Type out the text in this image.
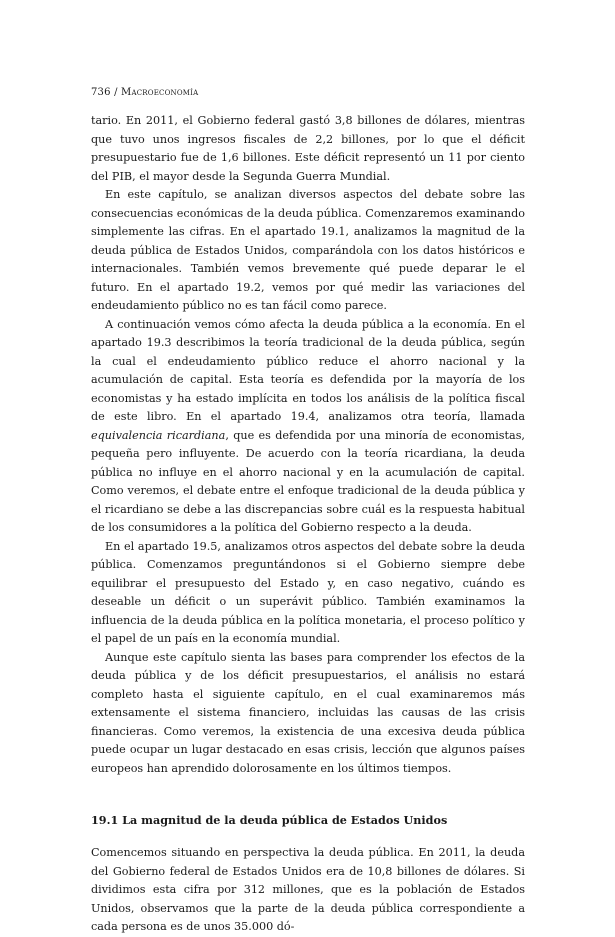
736 / Macroeconomía

tario. En 2011, el Gobierno federal gastó 3,8 billones de dólares, mientras que tuvo unos ingresos fiscales de 2,2 billones, por lo que el déficit presupuestario fue de 1,6 billones. Este déficit representó un 11 por ciento del PIB, el mayor desde la Segunda Guerra Mundial.

En este capítulo, se analizan diversos aspectos del debate sobre las consecuencias económicas de la deuda pública. Comenzaremos examinando simplemente las cifras. En el apartado 19.1, analizamos la magnitud de la deuda pública de Estados Unidos, comparándola con los datos históricos e internacionales. También vemos brevemente qué puede deparar le el futuro. En el apartado 19.2, vemos por qué medir las variaciones del endeudamiento público no es tan fácil como parece.

A continuación vemos cómo afecta la deuda pública a la economía. En el apartado 19.3 describimos la teoría tradicional de la deuda pública, según la cual el endeudamiento público reduce el ahorro nacional y la acumulación de capital. Esta teoría es defendida por la mayoría de los economistas y ha estado implícita en todos los análisis de la política fiscal de este libro. En el apartado 19.4, analizamos otra teoría, llamada equivalencia ricardiana, que es defendida por una minoría de economistas, pequeña pero influyente. De acuerdo con la teoría ricardiana, la deuda pública no influye en el ahorro nacional y en la acumulación de capital. Como veremos, el debate entre el enfoque tradicional de la deuda pública y el ricardiano se debe a las discrepancias sobre cuál es la respuesta habitual de los consumidores a la política del Gobierno respecto a la deuda.

En el apartado 19.5, analizamos otros aspectos del debate sobre la deuda pública. Comenzamos preguntándonos si el Gobierno siempre debe equilibrar el presupuesto del Estado y, en caso negativo, cuándo es deseable un déficit o un superávit público. También examinamos la influencia de la deuda pública en la política monetaria, el proceso político y el papel de un país en la economía mundial.

Aunque este capítulo sienta las bases para comprender los efectos de la deuda pública y de los déficit presupuestarios, el análisis no estará completo hasta el siguiente capítulo, en el cual examinaremos más extensamente el sistema financiero, incluidas las causas de las crisis financieras. Como veremos, la existencia de una excesiva deuda pública puede ocupar un lugar destacado en esas crisis, lección que algunos países europeos han aprendido dolorosamente en los últimos tiempos.

19.1 La magnitud de la deuda pública de Estados Unidos

Comencemos situando en perspectiva la deuda pública. En 2011, la deuda del Gobierno federal de Estados Unidos era de 10,8 billones de dólares. Si dividimos esta cifra por 312 millones, que es la población de Estados Unidos, observamos que la parte de la deuda pública correspondiente a cada persona es de unos 35.000 dó-
